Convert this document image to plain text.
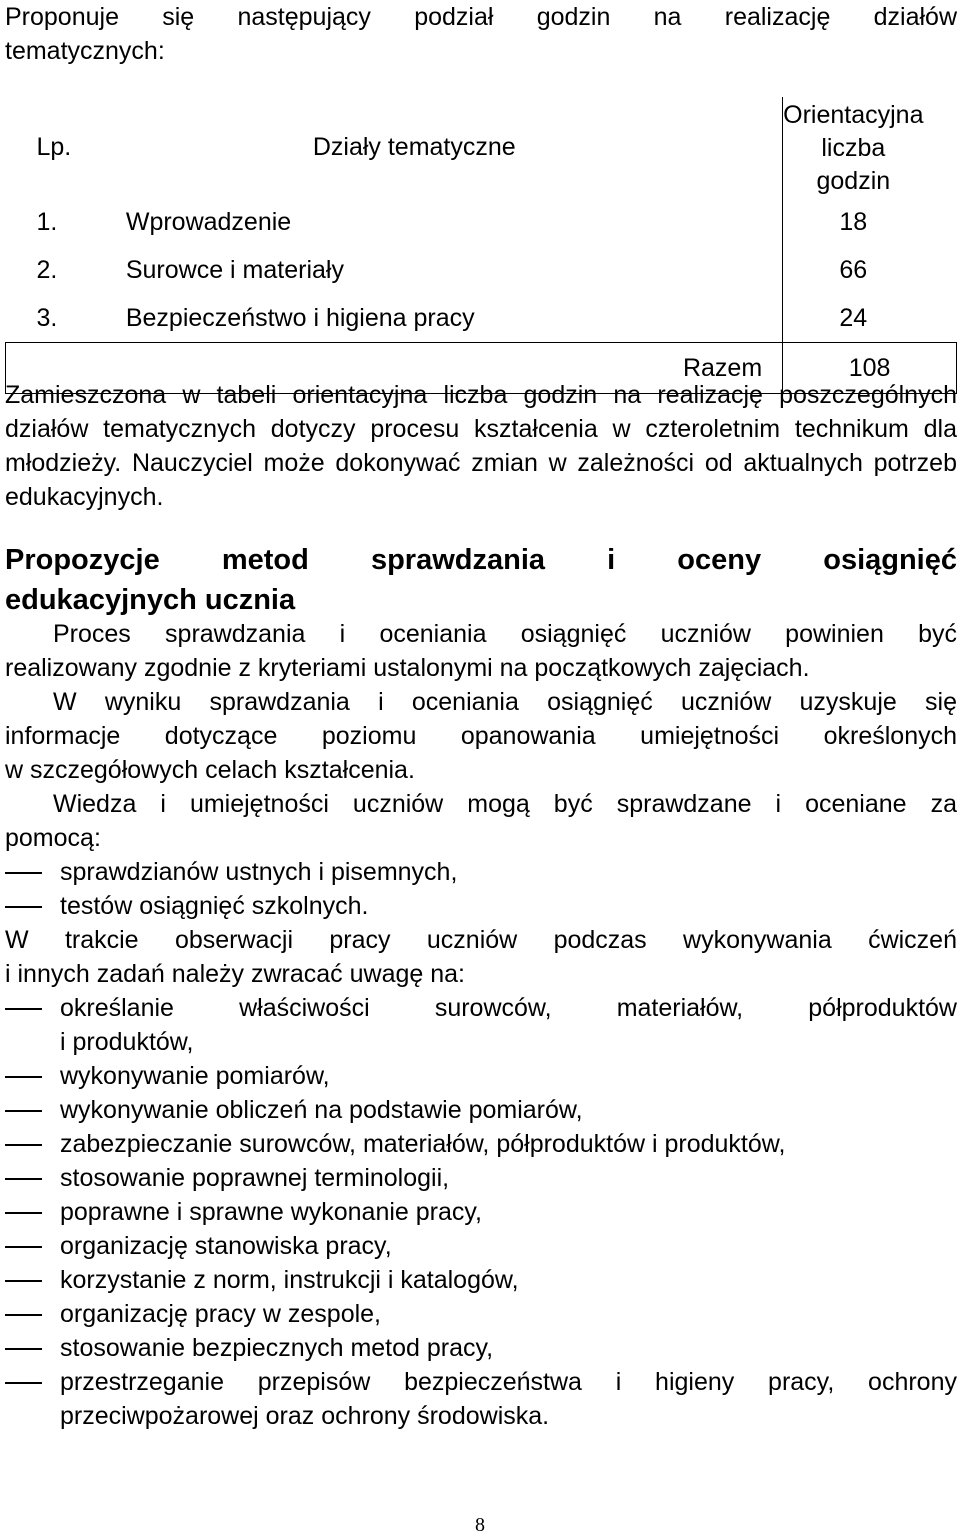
Proponuje się następujący podział godzin na realizację działów
tematycznych:

Lp.	Działy tematyczne	Orientacyjna
liczba godzin
1.	Wprowadzenie	18
2.	Surowce i materiały	66
3.	Bezpieczeństwo i higiena pracy	24
	Razem	108

Zamieszczona w tabeli orientacyjna liczba godzin na realizację poszczególnych działów tematycznych dotyczy procesu kształcenia w czteroletnim technikum dla młodzieży. Nauczyciel może dokonywać zmian w zależności od aktualnych potrzeb edukacyjnych.

Propozycje metod sprawdzania i oceny osiągnięć
edukacyjnych ucznia
Proces sprawdzania i oceniania osiągnięć uczniów powinien być
realizowany zgodnie z kryteriami ustalonymi na początkowych zajęciach.
W wyniku sprawdzania i oceniania osiągnięć uczniów uzyskuje się
informacje dotyczące poziomu opanowania umiejętności określonych
w szczegółowych celach kształcenia.
Wiedza i umiejętności uczniów mogą być sprawdzane i oceniane za
pomocą:
sprawdzianów ustnych i pisemnych,
testów osiągnięć szkolnych.
W trakcie obserwacji pracy uczniów podczas wykonywania ćwiczeń
i innych zadań należy zwracać uwagę na:
określanie właściwości surowców, materiałów, półproduktów
i produktów,
wykonywanie pomiarów,
wykonywanie obliczeń na podstawie pomiarów,
zabezpieczanie surowców, materiałów, półproduktów i produktów,
stosowanie poprawnej terminologii,
poprawne i sprawne wykonanie pracy,
organizację stanowiska pracy,
korzystanie z norm, instrukcji i katalogów,
organizację pracy w zespole,
stosowanie bezpiecznych metod pracy,
przestrzeganie przepisów bezpieczeństwa i higieny pracy, ochrony
przeciwpożarowej oraz ochrony środowiska.
8
